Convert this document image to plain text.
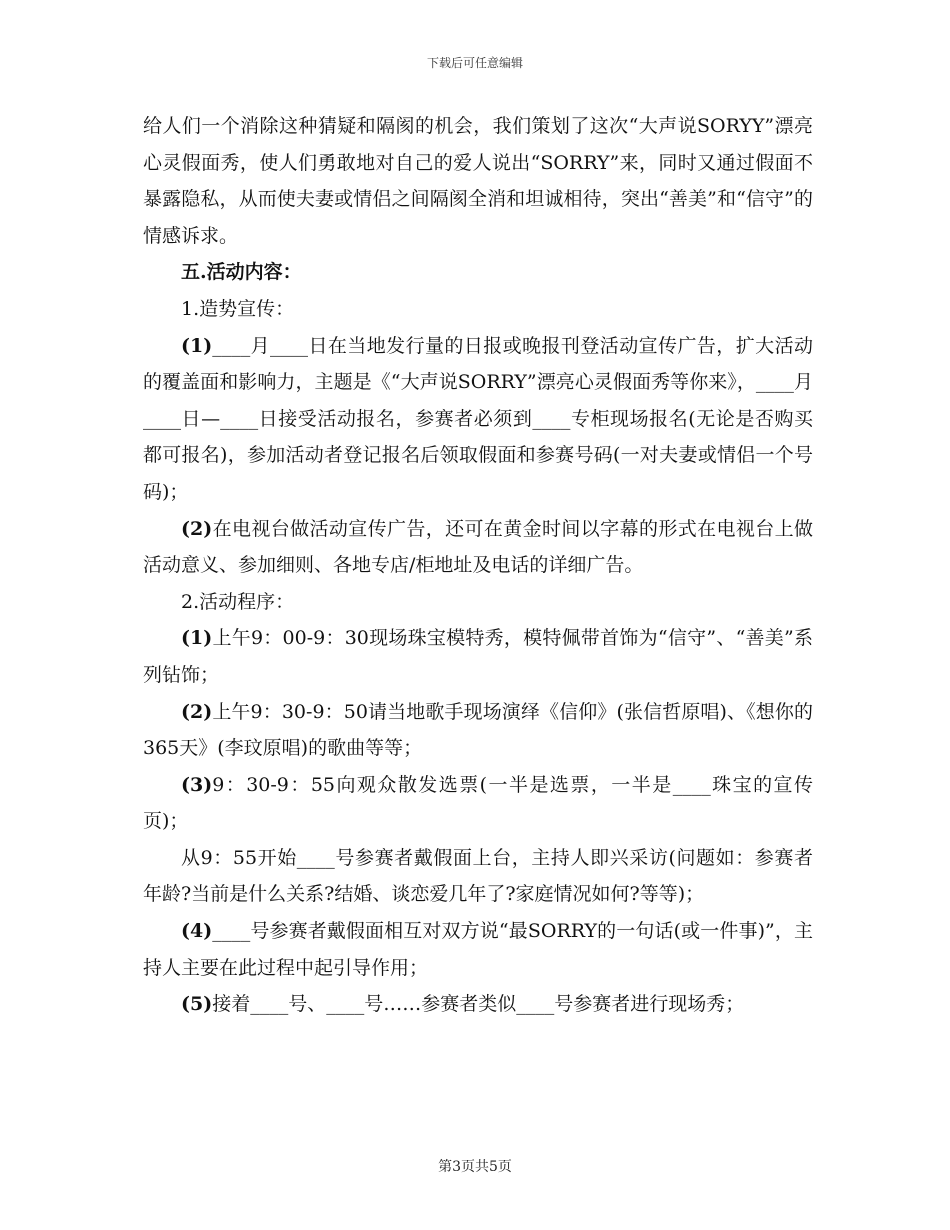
下载后可任意编辑

给人们一个消除这种猜疑和隔阂的机会，我们策划了这次“大声说SORYY”漂亮心灵假面秀，使人们勇敢地对自己的爱人说出“SORRY”来，同时又通过假面不暴露隐私，从而使夫妻或情侣之间隔阂全消和坦诚相待，突出“善美”和“信守”的情感诉求。

五.活动内容：

1.造势宣传：

(1)____月____日在当地发行量的日报或晚报刊登活动宣传广告，扩大活动的覆盖面和影响力，主题是《“大声说SORRY”漂亮心灵假面秀等你来》，____月____日—____日接受活动报名，参赛者必须到____专柜现场报名(无论是否购买都可报名)，参加活动者登记报名后领取假面和参赛号码(一对夫妻或情侣一个号码)；

(2)在电视台做活动宣传广告，还可在黄金时间以字幕的形式在电视台上做活动意义、参加细则、各地专店/柜地址及电话的详细广告。

2.活动程序：

(1)上午9：00-9：30现场珠宝模特秀，模特佩带首饰为“信守”、“善美”系列钻饰；

(2)上午9：30-9：50请当地歌手现场演绎《信仰》(张信哲原唱)、《想你的365天》(李玟原唱)的歌曲等等；

(3)9：30-9：55向观众散发选票(一半是选票，一半是____珠宝的宣传页)；

从9：55开始____号参赛者戴假面上台，主持人即兴采访(问题如：参赛者年龄?当前是什么关系?结婚、谈恋爱几年了?家庭情况如何?等等)；

(4)____号参赛者戴假面相互对双方说“最SORRY的一句话(或一件事)”，主持人主要在此过程中起引导作用；

(5)接着____号、____号……参赛者类似____号参赛者进行现场秀；

第3页共5页
